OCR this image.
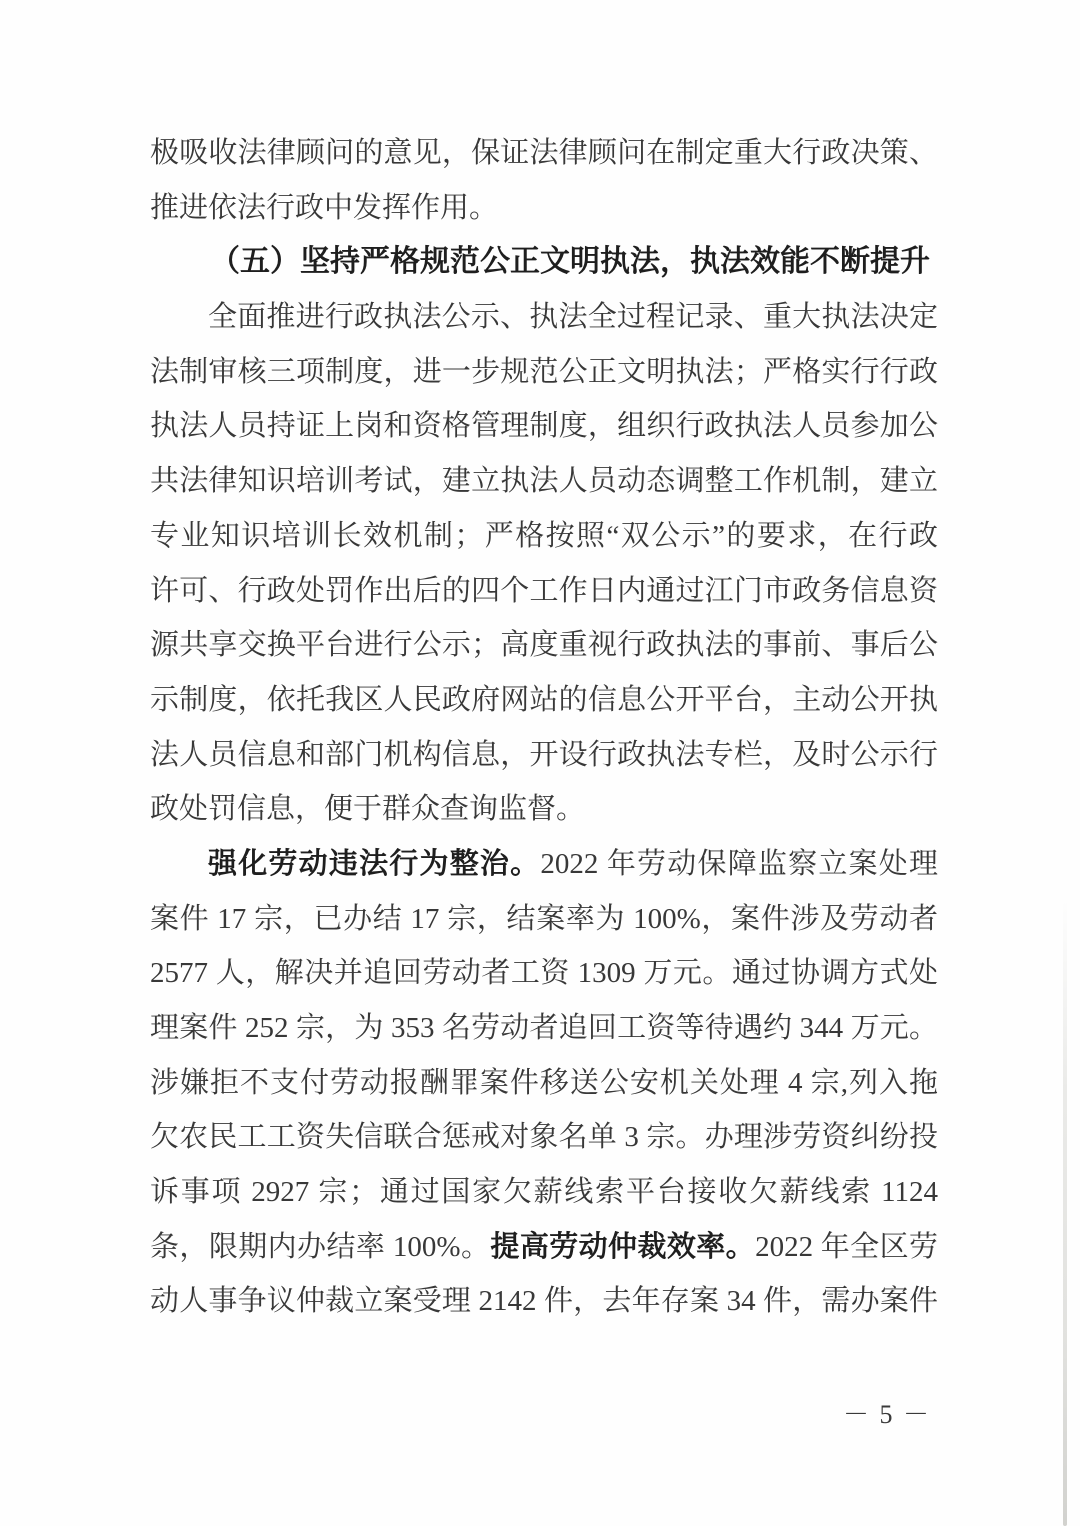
极吸收法律顾问的意见，保证法律顾问在制定重大行政决策、
推进依法行政中发挥作用。
（五）坚持严格规范公正文明执法，执法效能不断提升
全面推进行政执法公示、执法全过程记录、重大执法决定
法制审核三项制度，进一步规范公正文明执法；严格实行行政
执法人员持证上岗和资格管理制度，组织行政执法人员参加公
共法律知识培训考试，建立执法人员动态调整工作机制，建立
专业知识培训长效机制；严格按照“双公示”的要求，在行政
许可、行政处罚作出后的四个工作日内通过江门市政务信息资
源共享交换平台进行公示；高度重视行政执法的事前、事后公
示制度，依托我区人民政府网站的信息公开平台，主动公开执
法人员信息和部门机构信息，开设行政执法专栏，及时公示行
政处罚信息，便于群众查询监督。
强化劳动违法行为整治。2022 年劳动保障监察立案处理
案件 17 宗，已办结 17 宗，结案率为 100%，案件涉及劳动者
2577 人，解决并追回劳动者工资 1309 万元。通过协调方式处
理案件 252 宗，为 353 名劳动者追回工资等待遇约 344 万元。
涉嫌拒不支付劳动报酬罪案件移送公安机关处理 4 宗,列入拖
欠农民工工资失信联合惩戒对象名单 3 宗。办理涉劳资纠纷投
诉事项 2927 宗；通过国家欠薪线索平台接收欠薪线索 1124
条，限期内办结率 100%。提高劳动仲裁效率。2022 年全区劳
动人事争议仲裁立案受理 2142 件，去年存案 34 件，需办案件
－ 5 －
